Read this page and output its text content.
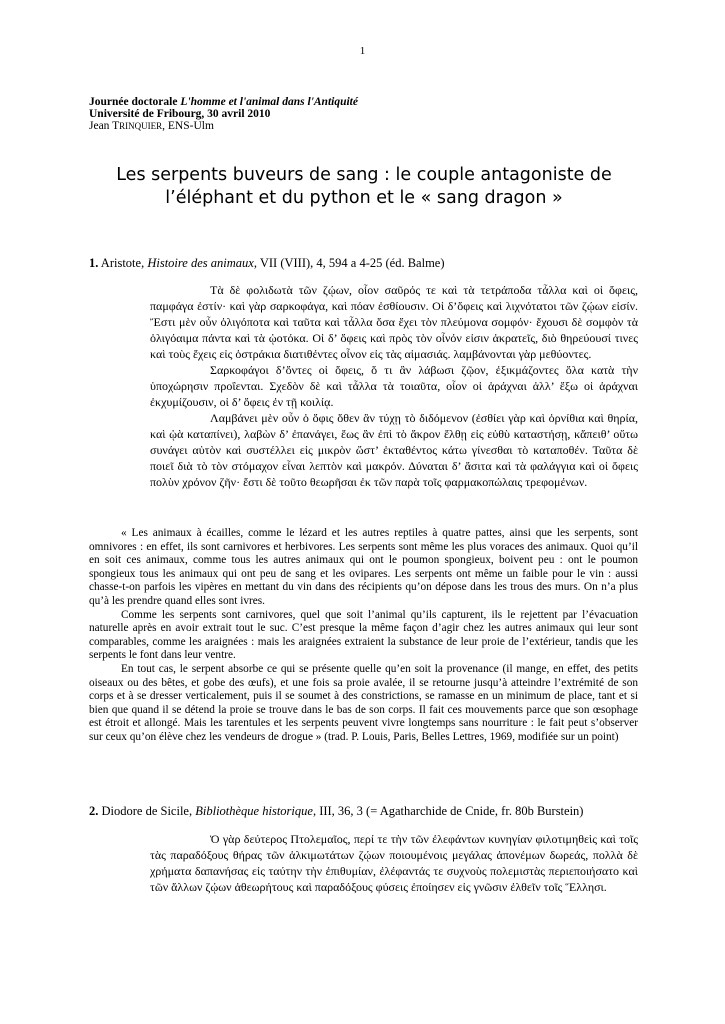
1
Journée doctorale L'homme et l'animal dans l'Antiquité
Université de Fribourg, 30 avril 2010
Jean TRINQUIER, ENS-Ulm
Les serpents buveurs de sang : le couple antagoniste de
l’éléphant et du python et le « sang dragon »
1. Aristote, Histoire des animaux, VII (VIII), 4, 594 a 4-25 (éd. Balme)

Τὰ δὲ φολιδωτὰ τῶν ζῴων, οἷον σαῦρός τε καὶ τὰ τετράποδα τἆλλα καὶ οἱ ὄφεις, παμφάγα ἐστίν· καὶ γὰρ σαρκοφάγα, καὶ πόαν ἐσθίουσιν. Οἱ δ’ὄφεις καὶ λιχνότατοι τῶν ζῴων εἰσίν. Ἔστι μὲν οὖν ὀλιγόποτα καὶ ταῦτα καὶ τἆλλα ὅσα ἔχει τὸν πλεύμονα σομφόν· ἔχουσι δὲ σομφὸν τὰ ὀλιγόαιμα πάντα καὶ τὰ ᾠοτόκα. Οἱ δ’ ὄφεις καὶ πρὸς τὸν οἶνόν εἰσιν ἀκρατεῖς, διὸ θηρεύουσί τινες καὶ τοὺς ἔχεις εἰς ὀστράκια διατιθέντες οἶνον εἰς τὰς αἱμασιάς. λαμβάνονται γὰρ μεθύοντες.

Σαρκοφάγοι δ’ὄντες οἱ ὄφεις, ὅ τι ἂν λάβωσι ζῷον, ἐξικμάζοντες ὅλα κατὰ τὴν ὑποχώρησιν προΐενται. Σχεδὸν δὲ καὶ τἆλλα τὰ τοιαῦτα, οἷον οἱ ἀράχναι ἀλλ’ ἔξω οἱ ἀράχναι ἐκχυμίζουσιν, οἱ δ’ ὄφεις ἐν τῇ κοιλίᾳ.

Λαμβάνει μὲν οὖν ὁ ὄφις ὅθεν ἂν τύχῃ τὸ διδόμενον (ἐσθίει γὰρ καὶ ὀρνίθια καὶ θηρία, καὶ ᾠὰ καταπίνει), λαβὼν δ’ ἐπανάγει, ἕως ἂν ἐπὶ τὸ ἄκρον ἔλθῃ εἰς εὐθὺ καταστήσῃ, κἄπειθ’ οὕτω συνάγει αὑτὸν καὶ συστέλλει εἰς μικρὸν ὥστ’ ἐκταθέντος κάτω γίνεσθαι τὸ καταποθέν. Ταῦτα δὲ ποιεῖ διὰ τὸ τὸν στόμαχον εἶναι λεπτὸν καὶ μακρόν. Δύναται δ’ ἄσιτα καὶ τὰ φαλάγγια καὶ οἱ ὄφεις πολὺν χρόνον ζῆν· ἔστι δὲ τοῦτο θεωρῆσαι ἐκ τῶν παρὰ τοῖς φαρμακοπώλαις τρεφομένων.

« Les animaux à écailles, comme le lézard et les autres reptiles à quatre pattes, ainsi que les serpents, sont omnivores : en effet, ils sont carnivores et herbivores. Les serpents sont même les plus voraces des animaux. Quoi qu’il en soit ces animaux, comme tous les autres animaux qui ont le poumon spongieux, boivent peu : ont le poumon spongieux tous les animaux qui ont peu de sang et les ovipares. Les serpents ont même un faible pour le vin : aussi chasse-t-on parfois les vipères en mettant du vin dans des récipients qu’on dépose dans les trous des murs. On n’a plus qu’à les prendre quand elles sont ivres.

Comme les serpents sont carnivores, quel que soit l’animal qu’ils capturent, ils le rejettent par l’évacuation naturelle après en avoir extrait tout le suc. C’est presque la même façon d’agir chez les autres animaux qui leur sont comparables, comme les araignées : mais les araignées extraient la substance de leur proie de l’extérieur, tandis que les serpents le font dans leur ventre.

En tout cas, le serpent absorbe ce qui se présente quelle qu’en soit la provenance (il mange, en effet, des petits oiseaux ou des bêtes, et gobe des œufs), et une fois sa proie avalée, il se retourne jusqu’à atteindre l’extrémité de son corps et à se dresser verticalement, puis il se soumet à des constrictions, se ramasse en un minimum de place, tant et si bien que quand il se détend la proie se trouve dans le bas de son corps. Il fait ces mouvements parce que son œsophage est étroit et allongé. Mais les tarentules et les serpents peuvent vivre longtemps sans nourriture : le fait peut s’observer sur ceux qu’on élève chez les vendeurs de drogue » (trad. P. Louis, Paris, Belles Lettres, 1969, modifiée sur un point)

2. Diodore de Sicile, Bibliothèque historique, III, 36, 3 (= Agatharchide de Cnide, fr. 80b Burstein)

Ὁ γὰρ δεύτερος Πτολεμαῖος, περί τε τὴν τῶν ἐλεφάντων κυνηγίαν φιλοτιμηθεὶς καὶ τοῖς τὰς παραδόξους θήρας τῶν ἀλκιμωτάτων ζῴων ποιουμένοις μεγάλας ἀπονέμων δωρεάς, πολλὰ δὲ χρήματα δαπανήσας εἰς ταύτην τὴν ἐπιθυμίαν, ἐλέφαντάς τε συχνοὺς πολεμιστὰς περιεποιήσατο καὶ τῶν ἄλλων ζῴων ἀθεωρήτους καὶ παραδόξους φύσεις ἐποίησεν εἰς γνῶσιν ἐλθεῖν τοῖς Ἕλλησι.
